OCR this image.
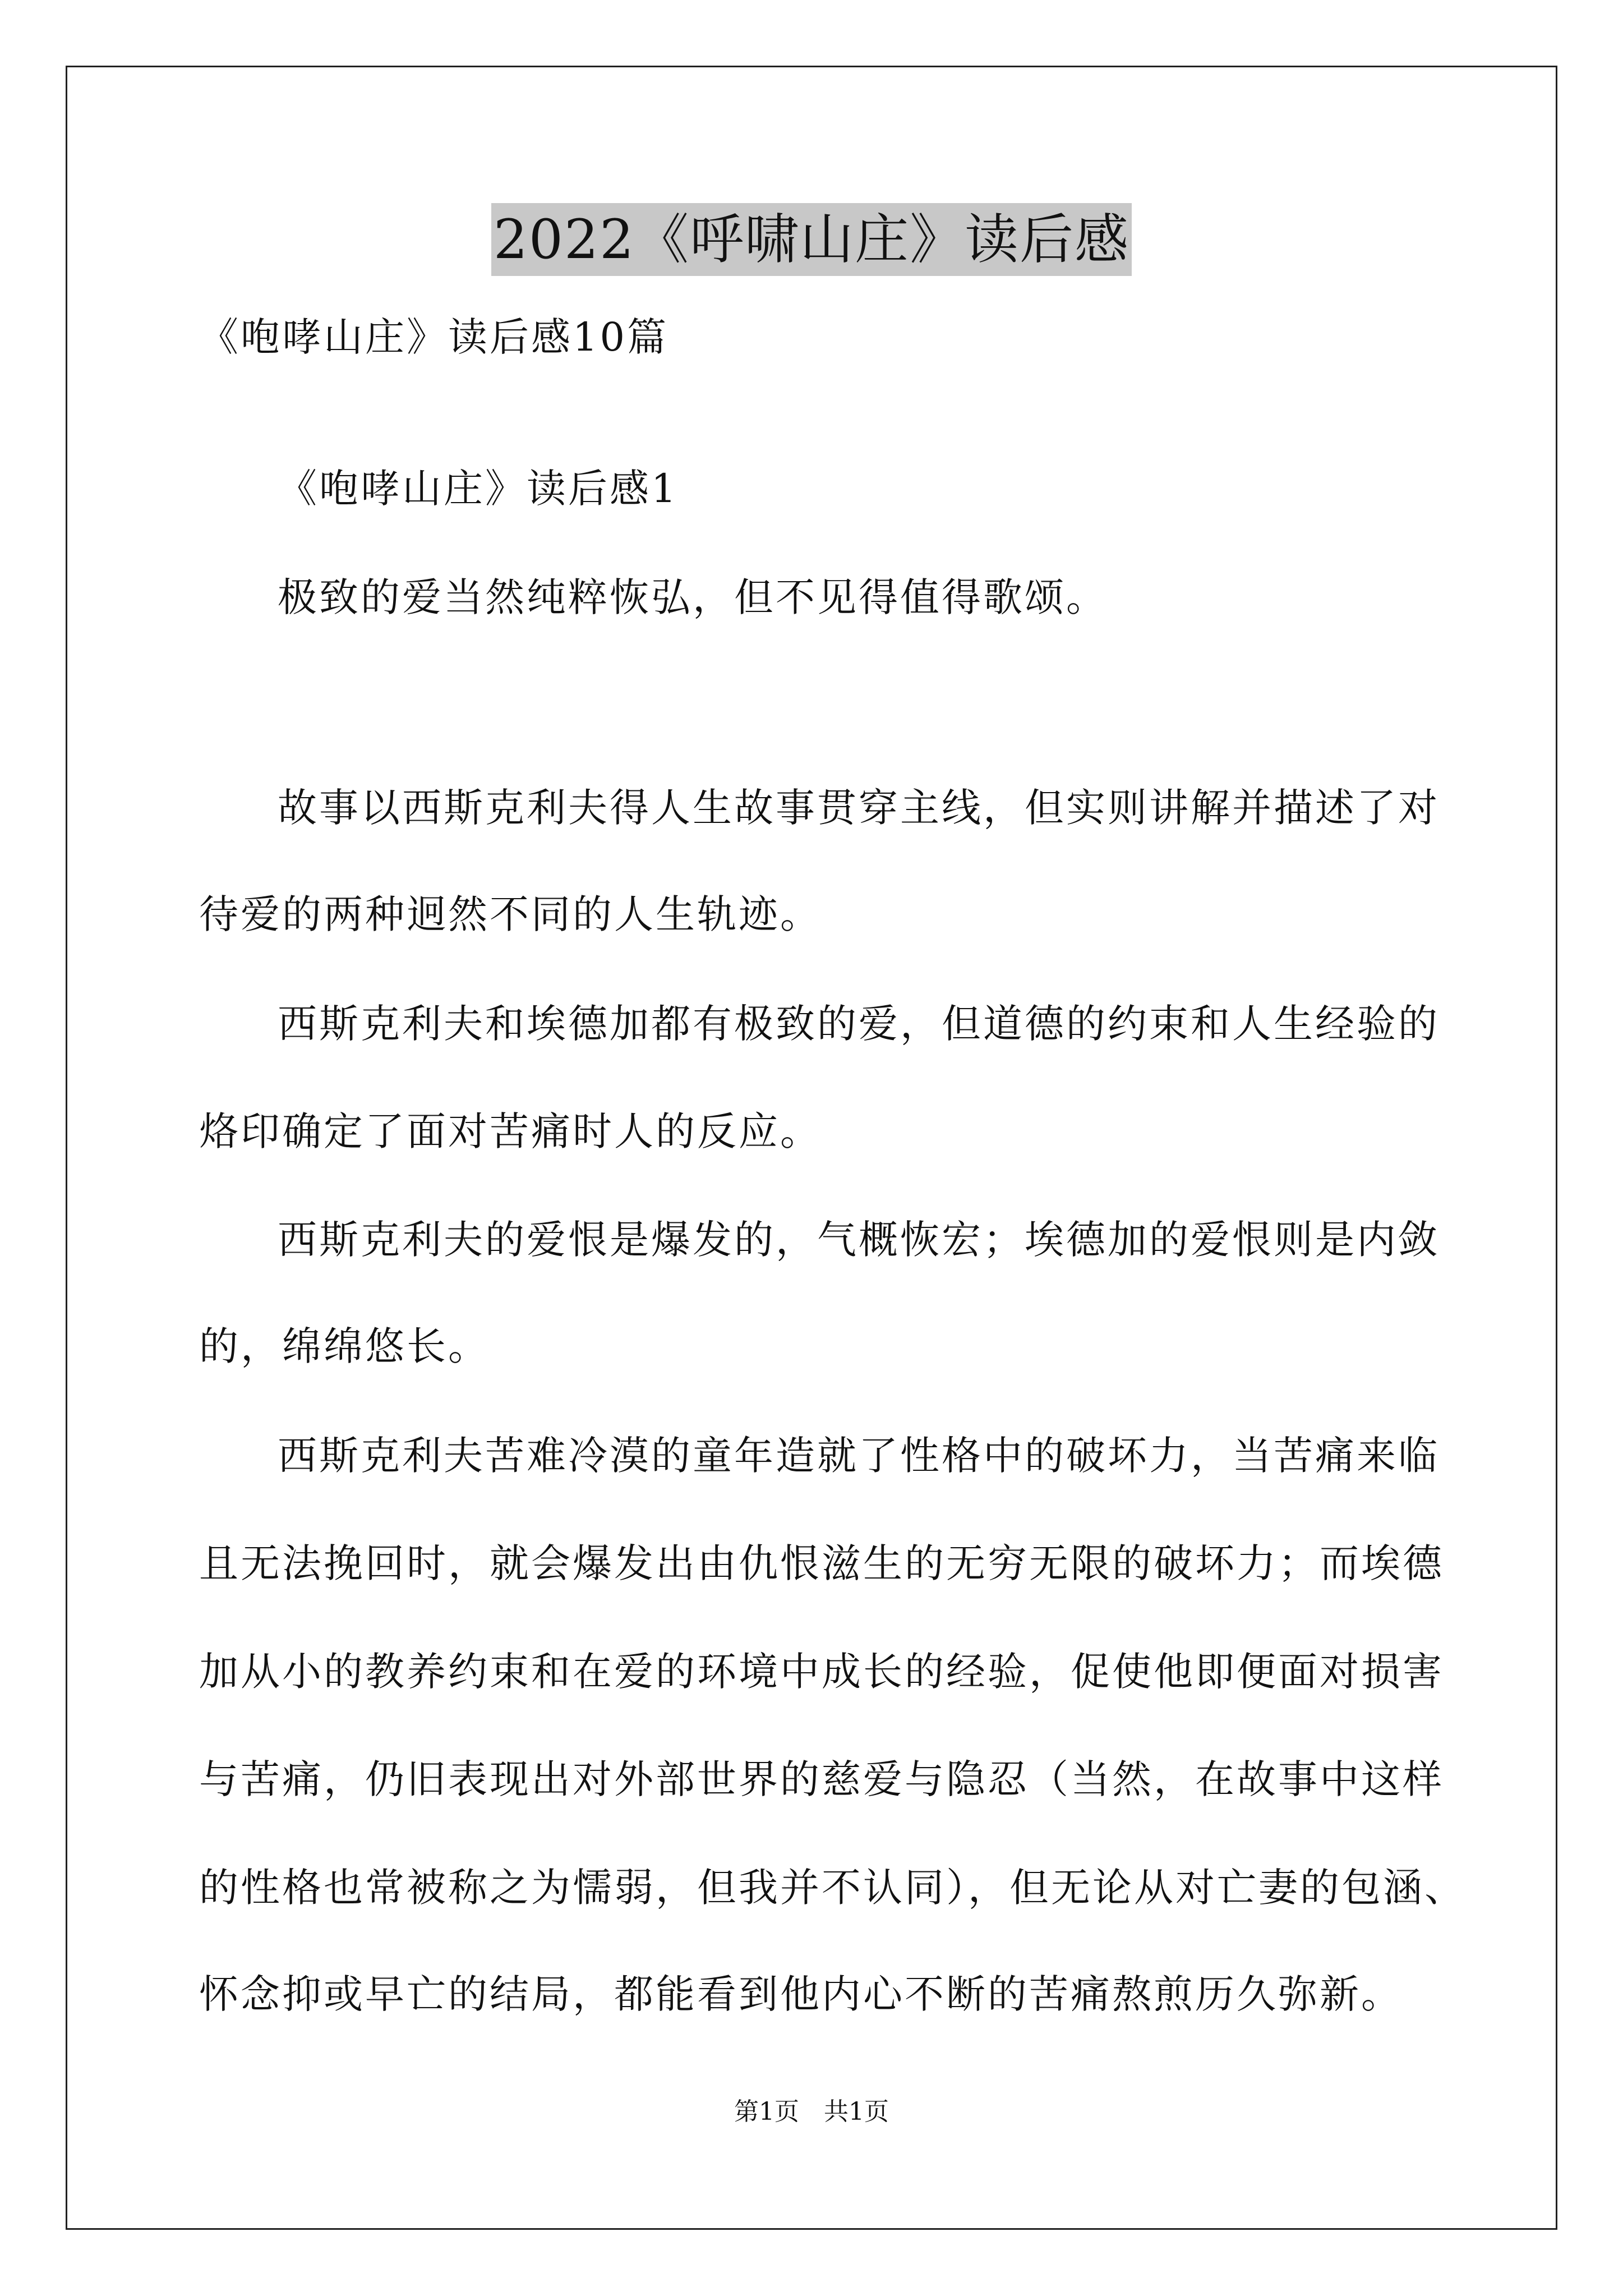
2022《呼啸山庄》读后感
《咆哮山庄》读后感10篇
《咆哮山庄》读后感1
极致的爱当然纯粹恢弘，但不见得值得歌颂。
故事以西斯克利夫得人生故事贯穿主线，但实则讲解并描述了对
待爱的两种迥然不同的人生轨迹。
西斯克利夫和埃德加都有极致的爱，但道德的约束和人生经验的
烙印确定了面对苦痛时人的反应。
西斯克利夫的爱恨是爆发的，气概恢宏；埃德加的爱恨则是内敛
的，绵绵悠长。
西斯克利夫苦难冷漠的童年造就了性格中的破坏力，当苦痛来临
且无法挽回时，就会爆发出由仇恨滋生的无穷无限的破坏力；而埃德
加从小的教养约束和在爱的环境中成长的经验，促使他即便面对损害
与苦痛，仍旧表现出对外部世界的慈爱与隐忍（当然，在故事中这样
的性格也常被称之为懦弱，但我并不认同），但无论从对亡妻的包涵、
怀念抑或早亡的结局，都能看到他内心不断的苦痛熬煎历久弥新。
第1页　共1页
